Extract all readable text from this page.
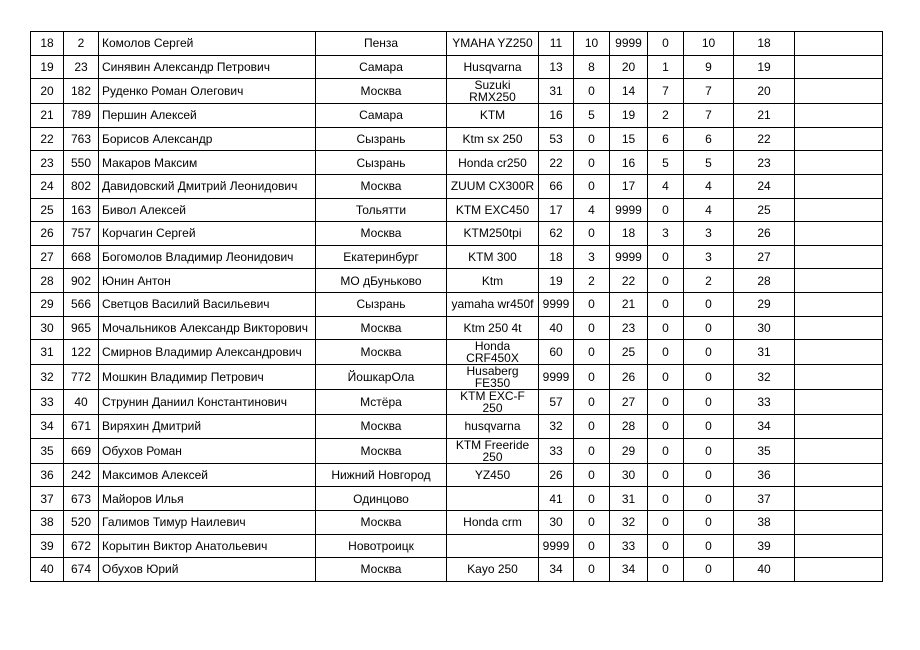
18	2	Комолов Сергей	Пенза	YMAHA YZ250	11	10	9999	0	10	18	
19	23	Синявин Александр Петрович	Самара	Husqvarna	13	8	20	1	9	19	
20	182	Руденко Роман Олегович	Москва	Suzuki RMX250	31	0	14	7	7	20	
21	789	Першин Алексей	Самара	KTM	16	5	19	2	7	21	
22	763	Борисов Александр	Сызрань	Ktm sx 250	53	0	15	6	6	22	
23	550	Макаров Максим	Сызрань	Honda cr250	22	0	16	5	5	23	
24	802	Давидовский Дмитрий Леонидович	Москва	ZUUM CX300R	66	0	17	4	4	24	
25	163	Бивол Алексей	Тольятти	KTM EXC450	17	4	9999	0	4	25	
26	757	Корчагин Сергей	Москва	KTM250tpi	62	0	18	3	3	26	
27	668	Богомолов Владимир Леонидович	Екатеринбург	KTM 300	18	3	9999	0	3	27	
28	902	Юнин Антон	МО дБуньково	Ktm	19	2	22	0	2	28	
29	566	Светцов Василий Васильевич	Сызрань	yamaha wr450f	9999	0	21	0	0	29	
30	965	Мочальников Александр Викторович	Москва	Ktm 250 4t	40	0	23	0	0	30	
31	122	Смирнов Владимир Александрович	Москва	Honda CRF450X	60	0	25	0	0	31	
32	772	Мошкин Владимир Петрович	ЙошкарОла	Husaberg FE350	9999	0	26	0	0	32	
33	40	Струнин Даниил Константинович	Мстёра	KTM EXC-F 250	57	0	27	0	0	33	
34	671	Виряхин Дмитрий	Москва	husqvarna	32	0	28	0	0	34	
35	669	Обухов Роман	Москва	KTM Freeride 250	33	0	29	0	0	35	
36	242	Максимов Алексей	Нижний Новгород	YZ450	26	0	30	0	0	36	
37	673	Майоров Илья	Одинцово		41	0	31	0	0	37	
38	520	Галимов Тимур Наилевич	Москва	Honda crm	30	0	32	0	0	38	
39	672	Корытин Виктор Анатольевич	Новотроицк		9999	0	33	0	0	39	
40	674	Обухов Юрий	Москва	Kayo 250	34	0	34	0	0	40	
